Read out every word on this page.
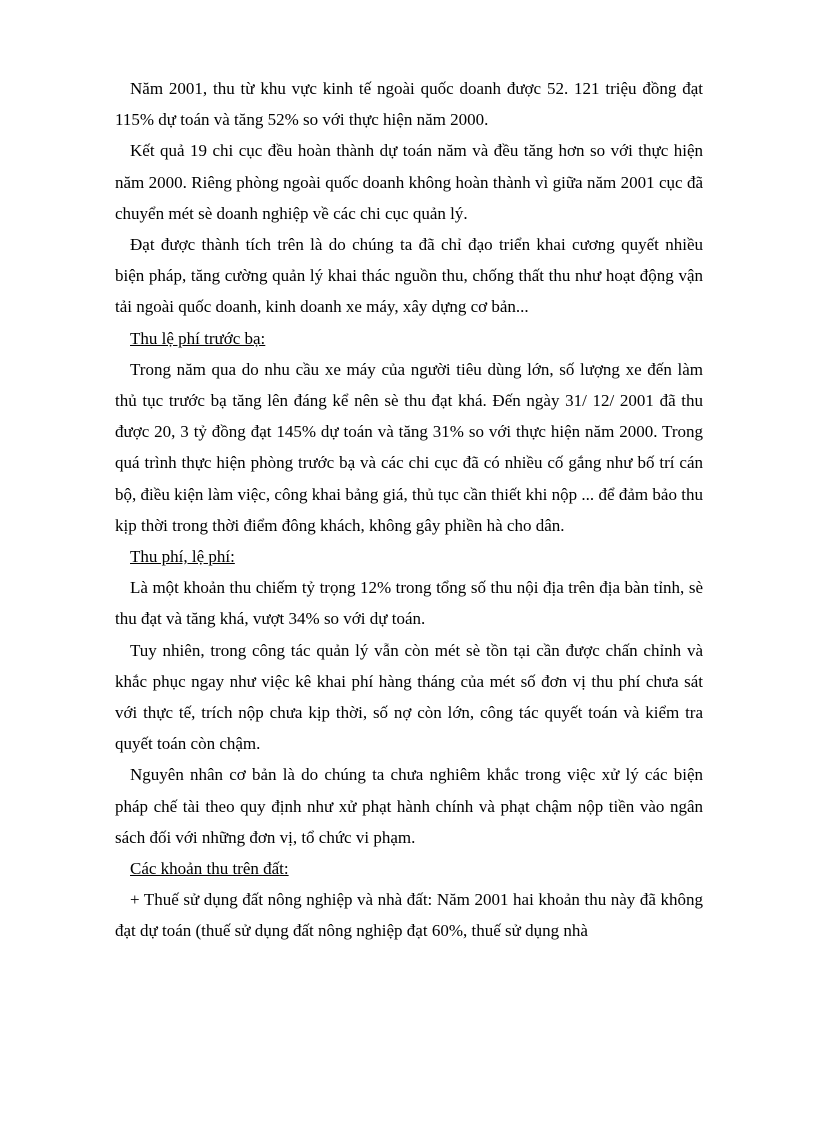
Năm 2001, thu từ khu vực kinh tế ngoài quốc doanh được 52. 121 triệu đồng đạt 115% dự toán và tăng 52% so với thực hiện năm 2000.

Kết quả 19 chi cục đều hoàn thành dự toán năm và đều tăng hơn so với thực hiện năm 2000. Riêng phòng ngoài quốc doanh không hoàn thành vì giữa năm 2001 cục đã chuyển mét sè doanh nghiệp về các chi cục quản lý.

Đạt được thành tích trên là do chúng ta đã chỉ đạo triển khai cương quyết nhiều biện pháp, tăng cường quản lý khai thác nguồn thu, chống thất thu như hoạt động vận tải ngoài quốc doanh, kinh doanh xe máy, xây dựng cơ bản...

Thu lệ phí trước bạ:

Trong năm qua do nhu cầu xe máy của người tiêu dùng lớn, số lượng xe đến làm thủ tục trước bạ tăng lên đáng kể nên sè thu đạt khá. Đến ngày 31/ 12/ 2001 đã thu được 20, 3 tỷ đồng đạt 145% dự toán và tăng 31% so với thực hiện năm 2000. Trong quá trình thực hiện phòng trước bạ và các chi cục đã có nhiều cố gắng như bố trí cán bộ, điều kiện làm việc, công khai bảng giá, thủ tục cần thiết khi nộp ... để đảm bảo thu kịp thời trong thời điểm đông khách, không gây phiền hà cho dân.

Thu phí, lệ phí:

Là một khoản thu chiếm tỷ trọng 12% trong tổng số thu nội địa trên địa bàn tỉnh, sè thu đạt và tăng khá, vượt 34% so với dự toán.

Tuy nhiên, trong công tác quản lý vẫn còn mét sè tồn tại cần được chấn chỉnh và khắc phục ngay như việc kê khai phí hàng tháng của mét số đơn vị thu phí chưa sát với thực tế, trích nộp chưa kịp thời, số nợ còn lớn, công tác quyết toán và kiểm tra quyết toán còn chậm.

Nguyên nhân cơ bản là do chúng ta chưa nghiêm khắc trong việc xử lý các biện pháp chế tài theo quy định như xử phạt hành chính và phạt chậm nộp tiền vào ngân sách đối với những đơn vị, tổ chức vi phạm.

Các khoản thu trên đất:

+ Thuế sử dụng đất nông nghiệp và nhà đất: Năm 2001 hai khoản thu này đã không đạt dự toán (thuế sử dụng đất nông nghiệp đạt 60%, thuế sử dụng nhà
